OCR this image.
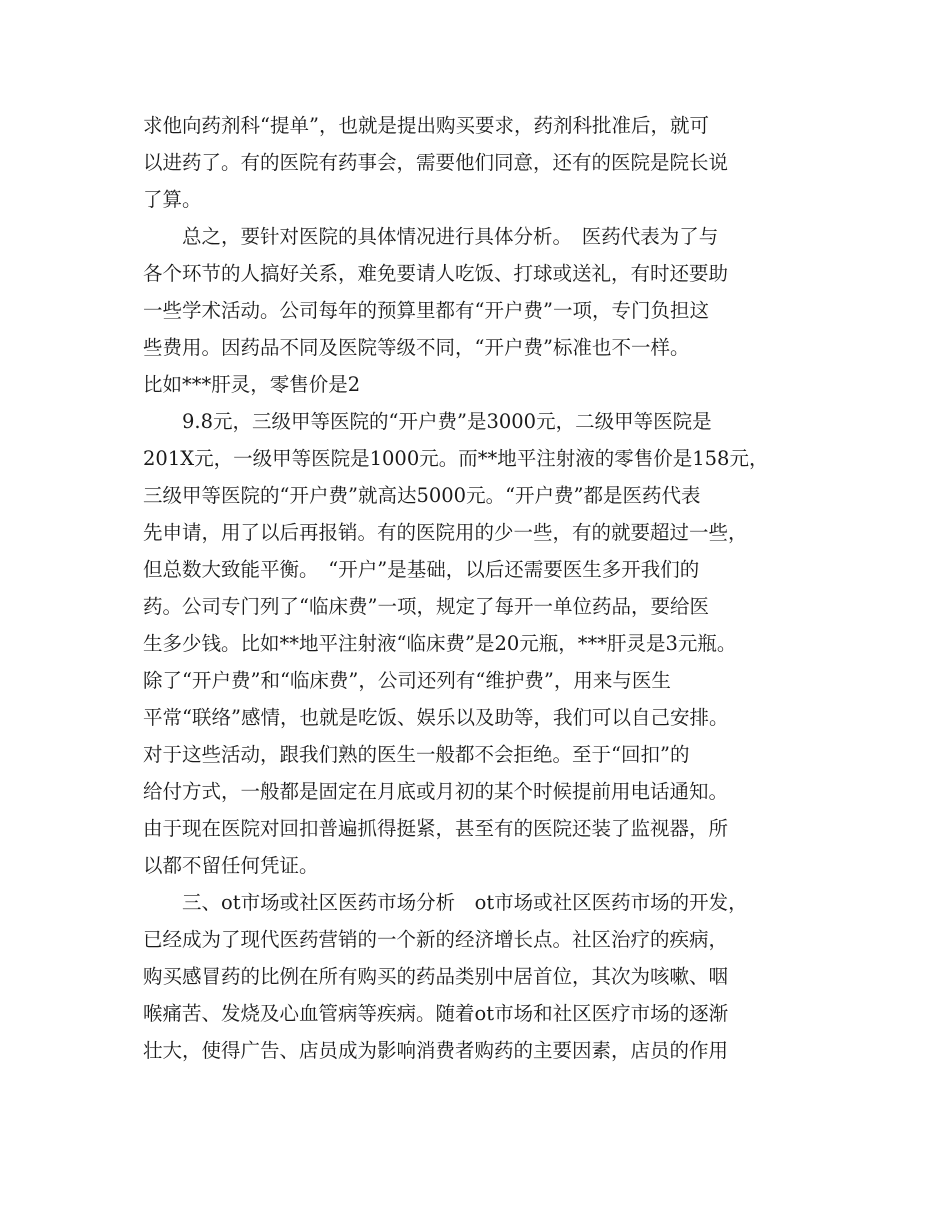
求他向药剂科“提单”，也就是提出购买要求，药剂科批准后，就可
以进药了。有的医院有药事会，需要他们同意，还有的医院是院长说
了算。
　　总之，要针对医院的具体情况进行具体分析。　医药代表为了与
各个环节的人搞好关系，难免要请人吃饭、打球或送礼，有时还要助
一些学术活动。公司每年的预算里都有“开户费”一项，专门负担这
些费用。因药品不同及医院等级不同，“开户费”标准也不一样。
比如***肝灵，零售价是2
　　9.8元，三级甲等医院的“开户费”是3000元，二级甲等医院是
201X元，一级甲等医院是1000元。而**地平注射液的零售价是158元，
三级甲等医院的“开户费”就高达5000元。“开户费”都是医药代表
先申请，用了以后再报销。有的医院用的少一些，有的就要超过一些，
但总数大致能平衡。　“开户”是基础，以后还需要医生多开我们的
药。公司专门列了“临床费”一项，规定了每开一单位药品，要给医
生多少钱。比如**地平注射液“临床费”是20元瓶，***肝灵是3元瓶。
除了“开户费”和“临床费”，公司还列有“维护费”，用来与医生
平常“联络”感情，也就是吃饭、娱乐以及助等，我们可以自己安排。
对于这些活动，跟我们熟的医生一般都不会拒绝。至于“回扣”的
给付方式，一般都是固定在月底或月初的某个时候提前用电话通知。
由于现在医院对回扣普遍抓得挺紧，甚至有的医院还装了监视器，所
以都不留任何凭证。
　　三、ot市场或社区医药市场分析　ot市场或社区医药市场的开发，
已经成为了现代医药营销的一个新的经济增长点。社区治疗的疾病，
购买感冒药的比例在所有购买的药品类别中居首位，其次为咳嗽、咽
喉痛苦、发烧及心血管病等疾病。随着ot市场和社区医疗市场的逐渐
壮大，使得广告、店员成为影响消费者购药的主要因素，店员的作用
